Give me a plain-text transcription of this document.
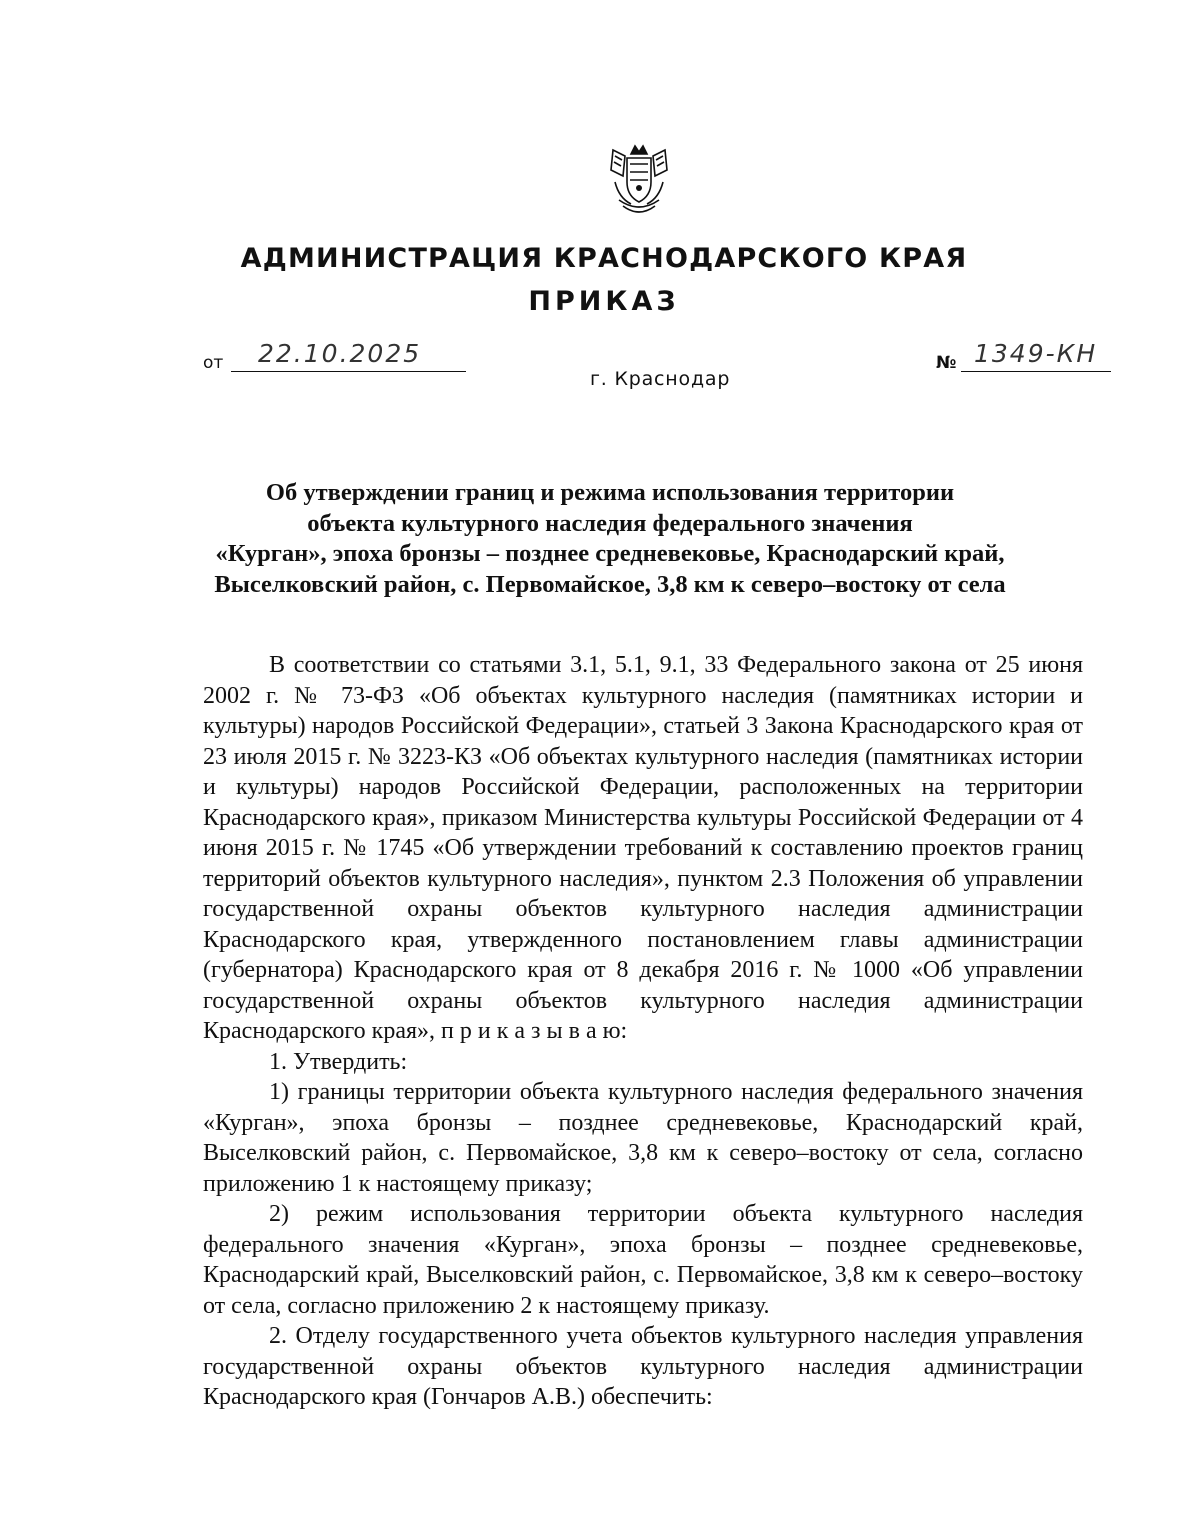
АДМИНИСТРАЦИЯ КРАСНОДАРСКОГО КРАЯ
ПРИКАЗ
от 22.10.2025	№ 1349-КН
г. Краснодар
Об утверждении границ и режима использования территории
объекта культурного наследия федерального значения
«Курган», эпоха бронзы – позднее средневековье, Краснодарский край,
Выселковский район, с. Первомайское, 3,8 км к северо–востоку от села

В соответствии со статьями 3.1, 5.1, 9.1, 33 Федерального закона от 25 июня 2002 г. № 73-ФЗ «Об объектах культурного наследия (памятниках истории и культуры) народов Российской Федерации», статьей 3 Закона Краснодарского края от 23 июля 2015 г. № 3223-КЗ «Об объектах культурного наследия (памятниках истории и культуры) народов Российской Федерации, расположенных на территории Краснодарского края», приказом Министерства культуры Российской Федерации от 4 июня 2015 г. № 1745 «Об утверждении требований к составлению проектов границ территорий объектов культурного наследия», пунктом 2.3 Положения об управлении государственной охраны объектов культурного наследия администрации Краснодарского края, утвержденного постановлением главы администрации (губернатора) Краснодарского края от 8 декабря 2016 г. № 1000 «Об управлении государственной охраны объектов культурного наследия администрации Краснодарского края», п р и к а з ы в а ю:

1. Утвердить:

1) границы территории объекта культурного наследия федерального значения «Курган», эпоха бронзы – позднее средневековье, Краснодарский край, Выселковский район, с. Первомайское, 3,8 км к северо–востоку от села, согласно приложению 1 к настоящему приказу;

2) режим использования территории объекта культурного наследия федерального значения «Курган», эпоха бронзы – позднее средневековье, Краснодарский край, Выселковский район, с. Первомайское, 3,8 км к северо–востоку от села, согласно приложению 2 к настоящему приказу.

2. Отделу государственного учета объектов культурного наследия управления государственной охраны объектов культурного наследия администрации Краснодарского края (Гончаров А.В.) обеспечить:
